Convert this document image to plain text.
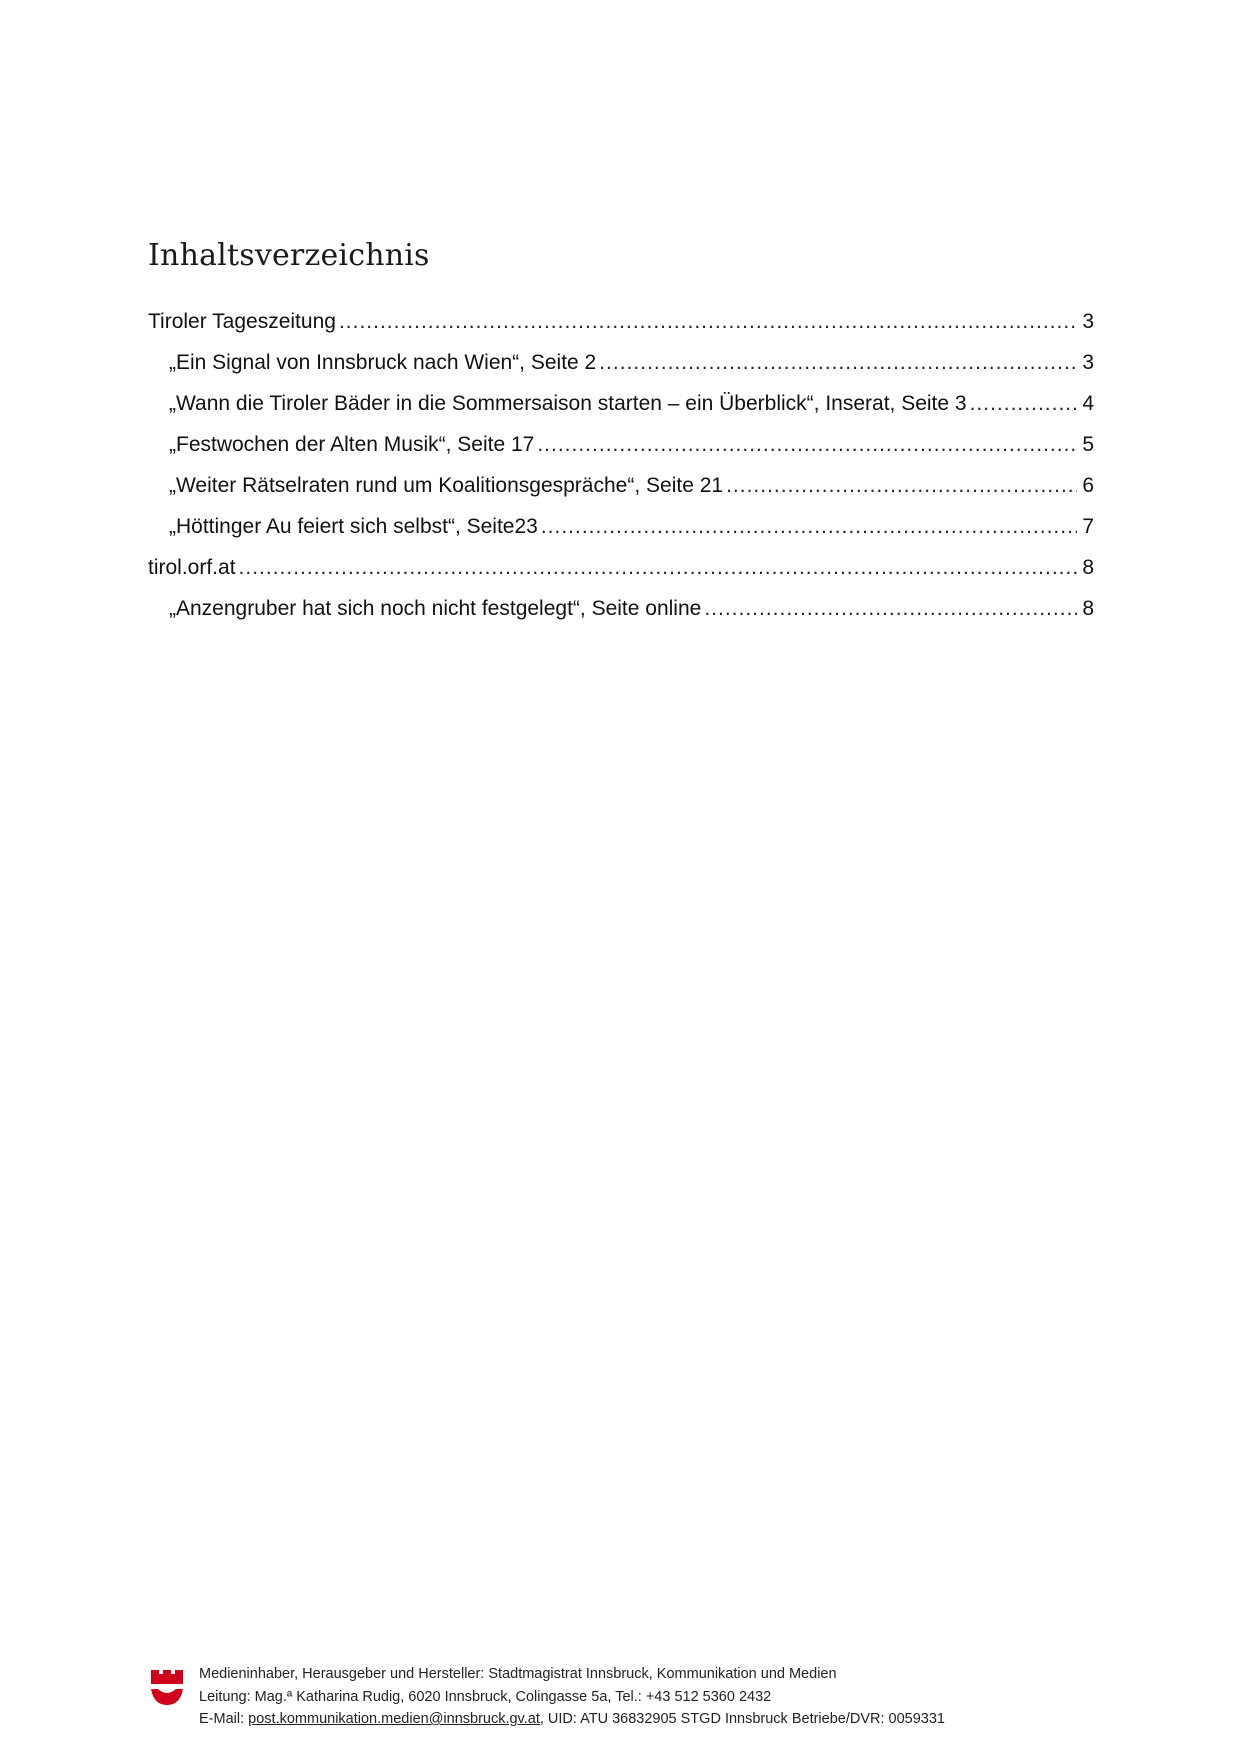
Inhaltsverzeichnis
Tiroler Tageszeitung .....	3
„Ein Signal von Innsbruck nach Wien“, Seite 2 .....	3
„Wann die Tiroler Bäder in die Sommersaison starten – ein Überblick“, Inserat, Seite 3 .....	4
„Festwochen der Alten Musik“, Seite 17 .....	5
„Weiter Rätselraten rund um Koalitionsgespräche“, Seite 21 .....	6
„Höttinger Au feiert sich selbst“, Seite23 .....	7
tirol.orf.at .....	8
„Anzengruber hat sich noch nicht festgelegt“, Seite online .....	8
Medieninhaber, Herausgeber und Hersteller: Stadtmagistrat Innsbruck, Kommunikation und Medien
Leitung: Mag.ª Katharina Rudig, 6020 Innsbruck, Colingasse 5a, Tel.: +43 512 5360 2432
E-Mail: post.kommunikation.medien@innsbruck.gv.at, UID: ATU 36832905 STGD Innsbruck Betriebe/DVR: 0059331
